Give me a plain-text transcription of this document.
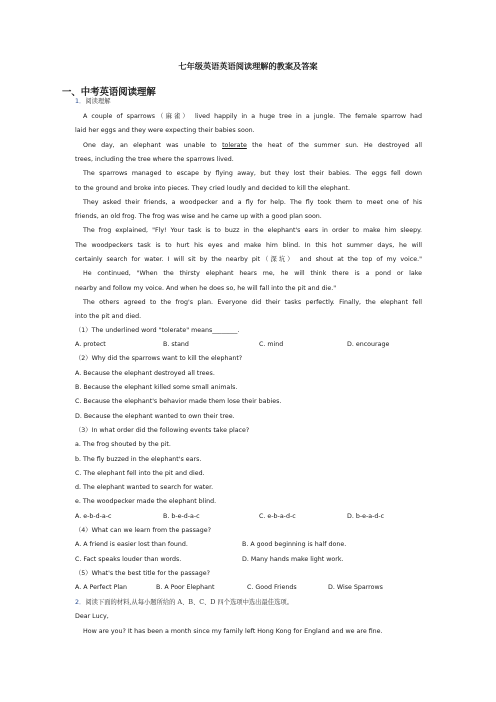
七年级英语英语阅读理解的教案及答案
一、中考英语阅读理解
1．阅读理解
A couple of sparrows（麻雀） lived happily in a huge tree in a jungle. The female sparrow had
laid her eggs and they were expecting their babies soon.
One day, an elephant was unable to tolerate the heat of the summer sun. He destroyed all
trees, including the tree where the sparrows lived.
The sparrows managed to escape by flying away, but they lost their babies. The eggs fell down
to the ground and broke into pieces. They cried loudly and decided to kill the elephant.
They asked their friends, a woodpecker and a fly for help. The fly took them to meet one of his
friends, an old frog. The frog was wise and he came up with a good plan soon.
The frog explained, "Fly! Your task is to buzz in the elephant's ears in order to make him sleepy.
The woodpeckers task is to hurt his eyes and make him blind. In this hot summer days, he will
certainly search for water. I will sit by the nearby pit（深坑） and shout at the top of my voice."
He continued, "When the thirsty elephant hears me, he will think there is a pond or lake
nearby and follow my voice. And when he does so, he will fall into the pit and die."
The others agreed to the frog's plan. Everyone did their tasks perfectly. Finally, the elephant fell
into the pit and died.
（1）The underlined word "tolerate" means________.
A. protect	B. stand	C. mind	D. encourage
（2）Why did the sparrows want to kill the elephant?
A. Because the elephant destroyed all trees.
B. Because the elephant killed some small animals.
C. Because the elephant's behavior made them lose their babies.
D. Because the elephant wanted to own their tree.
（3）In what order did the following events take place?
a. The frog shouted by the pit.
b. The fly buzzed in the elephant's ears.
C. The elephant fell into the pit and died.
d. The elephant wanted to search for water.
e. The woodpecker made the elephant blind.
A. e-b-d-a-c	B. b-e-d-a-c	C. e-b-a-d-c	D. b-e-a-d-c
（4）What can we learn from the passage?
A. A friend is easier lost than found.	B. A good beginning is half done.
C. Fact speaks louder than words.	D. Many hands make light work.
（5）What's the best title for the passage?
A. A Perfect Plan	B. A Poor Elephant	C. Good Friends	D. Wise Sparrows
2．阅读下面的材料,从每小题所给的 A、B、C、D 四个选项中选出最佳选项。
Dear Lucy,
How are you? It has been a month since my family left Hong Kong for England and we are fine.
